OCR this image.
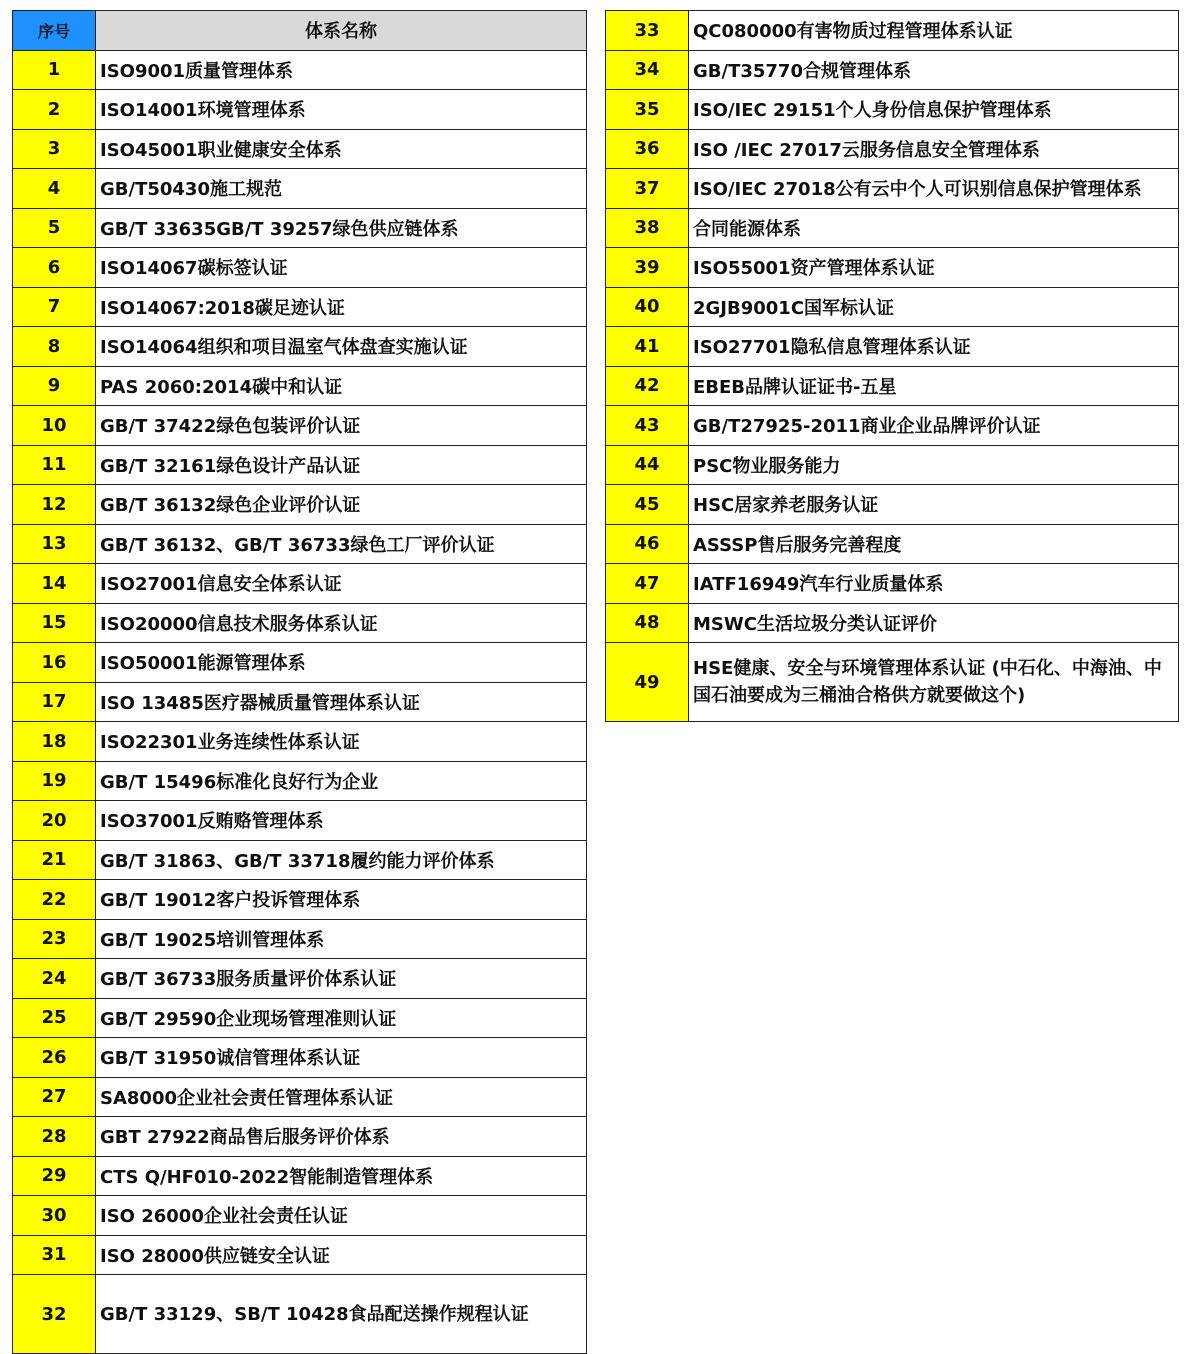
序号	体系名称
1	ISO9001质量管理体系
2	ISO14001环境管理体系
3	ISO45001职业健康安全体系
4	GB/T50430施工规范
5	GB/T 33635GB/T 39257绿色供应链体系
6	ISO14067碳标签认证
7	ISO14067:2018碳足迹认证
8	ISO14064组织和项目温室气体盘查实施认证
9	PAS 2060:2014碳中和认证
10	GB/T 37422绿色包装评价认证
11	GB/T 32161绿色设计产品认证
12	GB/T 36132绿色企业评价认证
13	GB/T 36132、GB/T 36733绿色工厂评价认证
14	ISO27001信息安全体系认证
15	ISO20000信息技术服务体系认证
16	ISO50001能源管理体系
17	ISO 13485医疗器械质量管理体系认证
18	ISO22301业务连续性体系认证
19	GB/T 15496标准化良好行为企业
20	ISO37001反贿赂管理体系
21	GB/T 31863、GB/T 33718履约能力评价体系
22	GB/T 19012客户投诉管理体系
23	GB/T 19025培训管理体系
24	GB/T 36733服务质量评价体系认证
25	GB/T 29590企业现场管理准则认证
26	GB/T 31950诚信管理体系认证
27	SA8000企业社会责任管理体系认证
28	GBT 27922商品售后服务评价体系
29	CTS Q/HF010-2022智能制造管理体系
30	ISO 26000企业社会责任认证
31	ISO 28000供应链安全认证
32	GB/T 33129、SB/T 10428食品配送操作规程认证
33	QC080000有害物质过程管理体系认证
34	GB/T35770合规管理体系
35	ISO/IEC 29151个人身份信息保护管理体系
36	ISO /IEC 27017云服务信息安全管理体系
37	ISO/IEC 27018公有云中个人可识别信息保护管理体系
38	合同能源体系
39	ISO55001资产管理体系认证
40	2GJB9001C国军标认证
41	ISO27701隐私信息管理体系认证
42	EBEB品牌认证证书-五星
43	GB/T27925-2011商业企业品牌评价认证
44	PSC物业服务能力
45	HSC居家养老服务认证
46	ASSSP售后服务完善程度
47	IATF16949汽车行业质量体系
48	MSWC生活垃圾分类认证评价
49	HSE健康、安全与环境管理体系认证 (中石化、中海油、中国石油要成为三桶油合格供方就要做这个)
